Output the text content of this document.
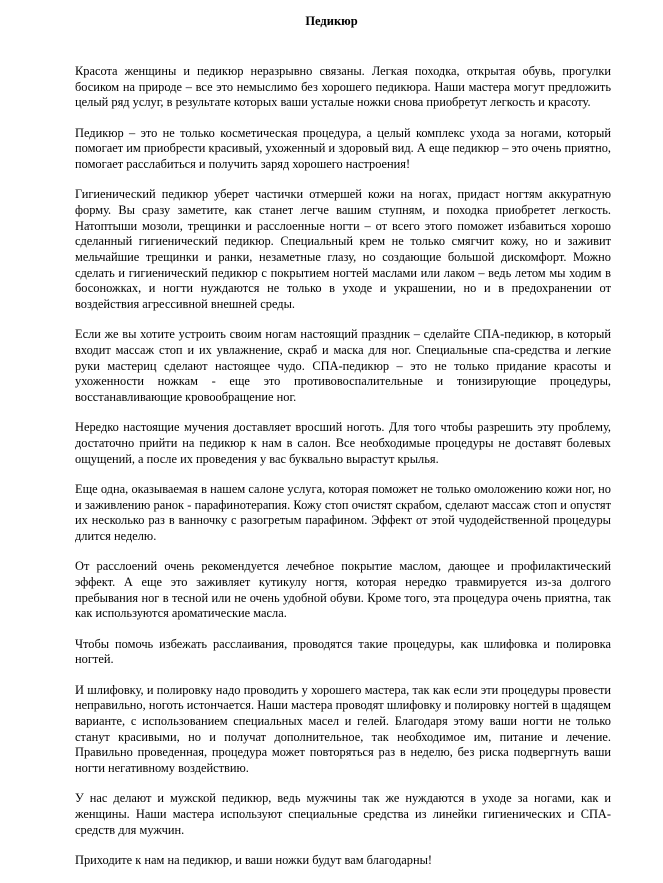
Педикюр

Красота женщины и педикюр неразрывно связаны. Легкая походка, открытая обувь, прогулки босиком на природе – все это немыслимо без хорошего педикюра. Наши мастера могут предложить целый ряд услуг, в результате которых ваши усталые ножки снова приобретут легкость и красоту.

Педикюр – это не только косметическая процедура, а целый комплекс ухода за ногами, который помогает им приобрести красивый, ухоженный и здоровый вид. А еще педикюр – это очень приятно, помогает расслабиться и получить заряд хорошего настроения!

Гигиенический педикюр уберет частички отмершей кожи на ногах, придаст ногтям аккуратную форму. Вы сразу заметите, как станет легче вашим ступням, и походка приобретет легкость. Натоптыши мозоли, трещинки и расслоенные ногти – от всего этого поможет избавиться хорошо сделанный гигиенический педикюр. Специальный крем не только смягчит кожу, но и заживит мельчайшие трещинки и ранки, незаметные глазу, но создающие большой дискомфорт. Можно сделать и гигиенический педикюр с покрытием ногтей маслами или лаком – ведь летом мы ходим в босоножках, и ногти нуждаются не только в уходе и украшении, но и в предохранении от воздействия агрессивной внешней среды.

Если же вы хотите устроить своим ногам настоящий праздник – сделайте СПА-педикюр, в который входит массаж стоп и их увлажнение, скраб и маска для ног. Специальные спа-средства и легкие руки мастериц сделают настоящее чудо. СПА-педикюр – это не только придание красоты и ухоженности ножкам - еще это противовоспалительные и тонизирующие процедуры, восстанавливающие кровообращение ног.

Нередко настоящие мучения доставляет вросший ноготь. Для того чтобы разрешить эту проблему, достаточно прийти на педикюр к нам в салон. Все необходимые процедуры не доставят болевых ощущений, а после их проведения у вас буквально вырастут крылья.

Еще одна, оказываемая в нашем салоне услуга, которая поможет не только омоложению кожи ног, но и заживлению ранок - парафинотерапия. Кожу стоп очистят скрабом, сделают массаж стоп и опустят их несколько раз в ванночку с разогретым парафином. Эффект от этой чудодейственной процедуры длится неделю.

От расслоений очень рекомендуется лечебное покрытие маслом, дающее и профилактический эффект. А еще это заживляет кутикулу ногтя, которая нередко травмируется из-за долгого пребывания ног в тесной или не очень удобной обуви. Кроме того, эта процедура очень приятна, так как используются ароматические масла.

Чтобы помочь избежать расслаивания, проводятся такие процедуры, как шлифовка и полировка ногтей.

И шлифовку, и полировку надо проводить у хорошего мастера, так как если эти процедуры провести неправильно, ноготь истончается. Наши мастера проводят шлифовку и полировку ногтей в щадящем варианте, с использованием специальных масел и гелей. Благодаря этому ваши ногти не только станут красивыми, но и получат дополнительное, так необходимое им, питание и лечение. Правильно проведенная, процедура может повторяться раз в неделю, без риска подвергнуть ваши ногти негативному воздействию.

У нас делают и мужской педикюр, ведь мужчины так же нуждаются в уходе за ногами, как и женщины. Наши мастера используют специальные средства из линейки гигиенических и СПА-средств для мужчин.

Приходите к нам на педикюр, и ваши ножки будут вам благодарны!
